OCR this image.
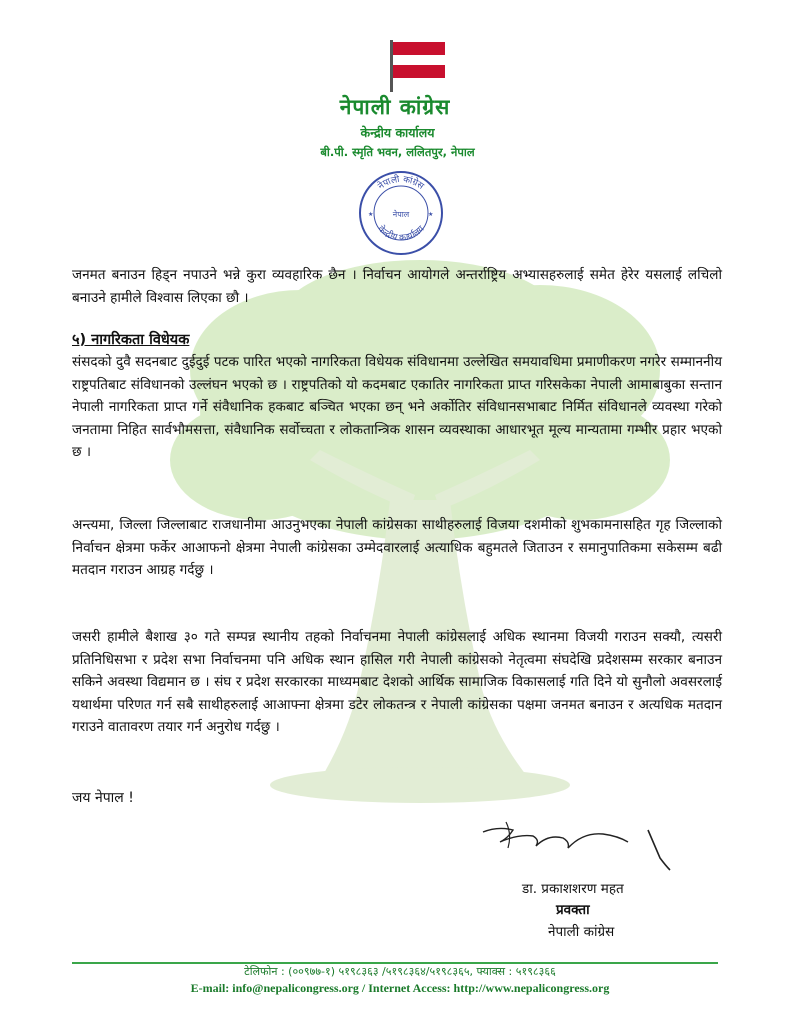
नेपाली कांग्रेस
केन्द्रीय कार्यालय
बी.पी. स्मृति भवन, ललितपुर, नेपाल
नेपाली कांग्रेस
केन्द्रीय कार्यालय
नेपाल
★	★
जनमत बनाउन हिड्न नपाउने भन्ने कुरा व्यवहारिक छैन । निर्वाचन आयोगले अन्तर्राष्ट्रिय अभ्यासहरुलाई समेत हेरेर यसलाई लचिलो बनाउने हामीले विश्वास लिएका छौ ।
५) नागरिकता विधेयक
संसदको दुवै सदनबाट दुईदुई पटक पारित भएको नागरिकता विधेयक संविधानमा उल्लेखित समयावधिमा प्रमाणीकरण नगरेर सम्माननीय राष्ट्रपतिबाट संविधानको उल्लंघन भएको छ । राष्ट्रपतिको यो कदमबाट एकातिर नागरिकता प्राप्त गरिसकेका नेपाली आमाबाबुका सन्तान नेपाली नागरिकता प्राप्त गर्ने संवैधानिक हकबाट बञ्चित भएका छन् भने अर्कोतिर संविधानसभाबाट निर्मित संविधानले व्यवस्था गरेको जनतामा निहित सार्वभौमसत्ता, संवैधानिक सर्वोच्चता र लोकतान्त्रिक शासन व्यवस्थाका आधारभूत मूल्य मान्यतामा गम्भीर प्रहार भएको छ ।
अन्त्यमा, जिल्ला जिल्लाबाट राजधानीमा आउनुभएका नेपाली कांग्रेसका साथीहरुलाई विजया दशमीको शुभकामनासहित गृह जिल्लाको निर्वाचन क्षेत्रमा फर्केर आआफनो क्षेत्रमा नेपाली कांग्रेसका उम्मेदवारलाई अत्याधिक बहुमतले जिताउन र समानुपातिकमा सकेसम्म बढी मतदान गराउन आग्रह गर्दछु ।
जसरी हामीले बैशाख ३० गते सम्पन्न स्थानीय तहको निर्वाचनमा नेपाली कांग्रेसलाई अधिक स्थानमा विजयी गराउन सक्यौ, त्यसरी प्रतिनिधिसभा र प्रदेश सभा निर्वाचनमा पनि अधिक स्थान हासिल गरी नेपाली कांग्रेसको नेतृत्वमा संघदेखि प्रदेशसम्म सरकार बनाउन सकिने अवस्था विद्यमान छ । संघ र प्रदेश सरकारका माध्यमबाट देशको आर्थिक सामाजिक विकासलाई गति दिने यो सुनौलो अवसरलाई यथार्थमा परिणत गर्न सबै साथीहरुलाई आआफ्ना क्षेत्रमा डटेर लोकतन्त्र र नेपाली कांग्रेसका पक्षमा जनमत बनाउन र अत्यधिक मतदान गराउने वातावरण तयार गर्न अनुरोध गर्दछु ।
जय नेपाल !
डा. प्रकाशशरण महत
प्रवक्ता
नेपाली कांग्रेस
टेलिफोन : (००९७७-१) ५१९८३६३ /५१९८३६४/५१९८३६५, फ्याक्स : ५१९८३६६
E-mail: info@nepalicongress.org / Internet Access: http://www.nepalicongress.org
